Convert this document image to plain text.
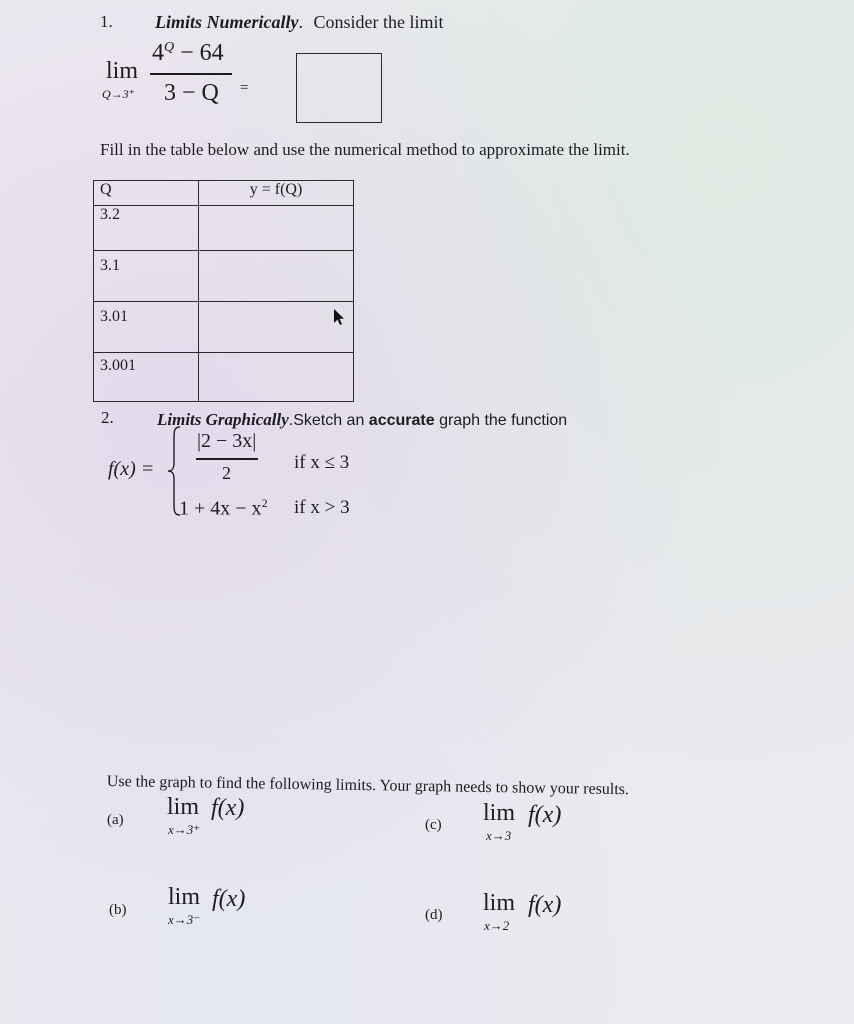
1. Limits Numerically. Consider the limit
lim
Q→3⁺
$4^Q - 64$
3 − Q =
Fill in the table below and use the numerical method to approximate the limit.
Q	y = f(Q)
3.2	
3.1	
3.01	
3.001	
2.	Limits Graphically.Sketch an accurate graph the function
f(x) =
|2 − 3x|
2	if x ≤ 3
$1 + 4x - x^2$ if x > 3
Use the graph to find the following limits. Your graph needs to show your results.
(a) lim f(x)
x→3⁺	(c) lim f(x)
x→3
(b) lim f(x)
x→3⁻	(d) lim f(x)
x→2
